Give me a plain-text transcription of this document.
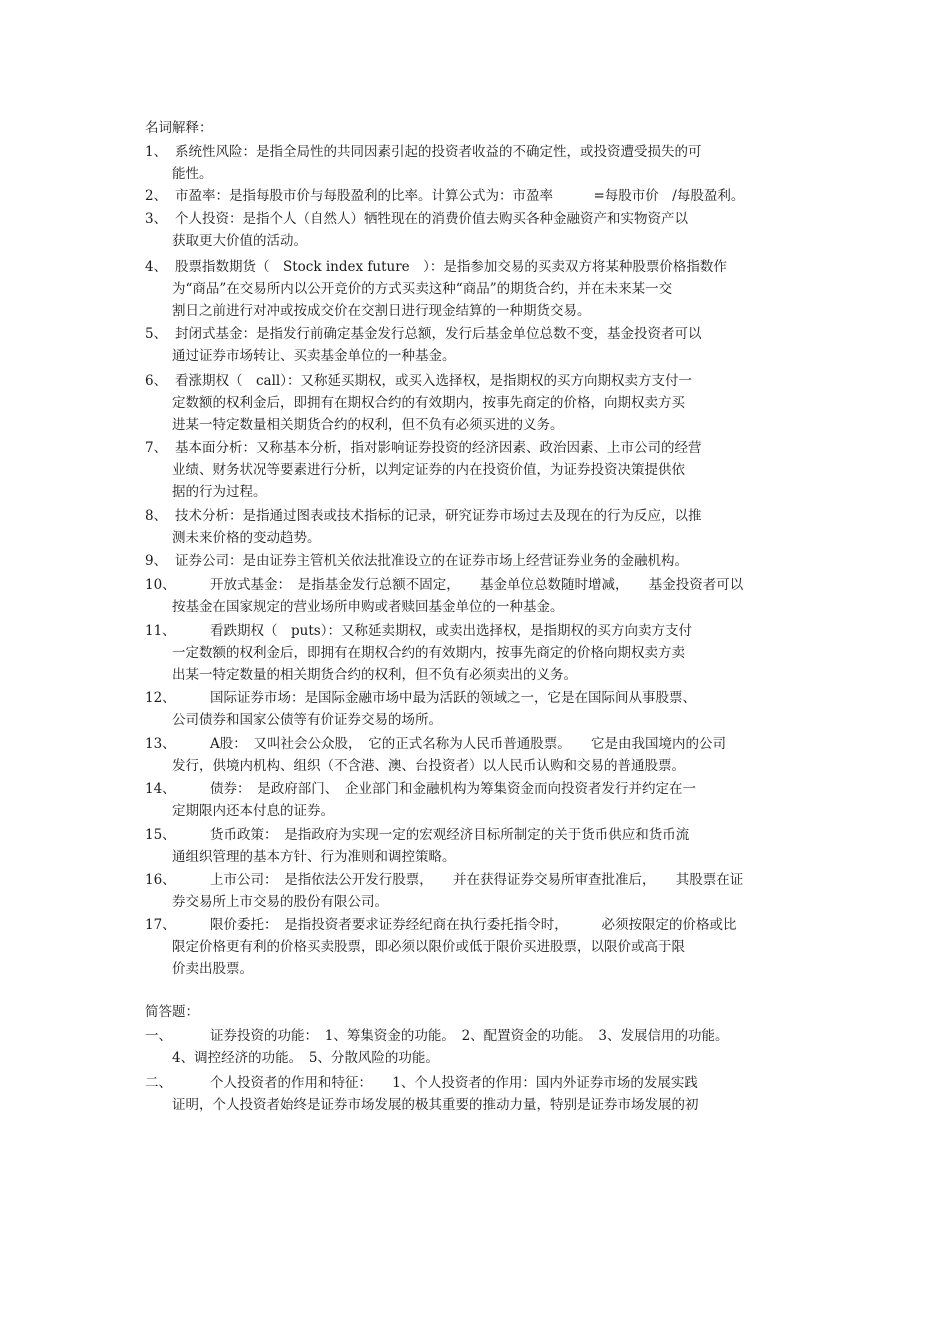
名词解释：
1、 系统性风险：是指全局性的共同因素引起的投资者收益的不确定性，或投资遭受损失的可
能性。
2、 市盈率：是指每股市价与每股盈利的比率。计算公式为：市盈率　　　=每股市价　/每股盈利。
3、 个人投资：是指个人（自然人）牺牲现在的消费价值去购买各种金融资产和实物资产以
获取更大价值的活动。
4、 股票指数期货（　Stock index future　）：是指参加交易的买卖双方将某种股票价格指数作
为“商品”在交易所内以公开竞价的方式买卖这种“商品”的期货合约，并在未来某一交
割日之前进行对冲或按成交价在交割日进行现金结算的一种期货交易。
5、 封闭式基金：是指发行前确定基金发行总额，发行后基金单位总数不变，基金投资者可以
通过证券市场转让、买卖基金单位的一种基金。
6、 看涨期权（　call）：又称延买期权，或买入选择权，是指期权的买方向期权卖方支付一
定数额的权利金后，即拥有在期权合约的有效期内，按事先商定的价格，向期权卖方买
进某一特定数量相关期货合约的权利，但不负有必须买进的义务。
7、 基本面分析：又称基本分析，指对影响证券投资的经济因素、政治因素、上市公司的经营
业绩、财务状况等要素进行分析，以判定证券的内在投资价值，为证券投资决策提供依
据的行为过程。
8、 技术分析：是指通过图表或技术指标的记录，研究证券市场过去及现在的行为反应，以推
测未来价格的变动趋势。
9、 证券公司：是由证券主管机关依法批准设立的在证券市场上经营证券业务的金融机构。
10、	开放式基金：　是指基金发行总额不固定，　　基金单位总数随时增减，　　基金投资者可以
按基金在国家规定的营业场所申购或者赎回基金单位的一种基金。
11、	看跌期权（　puts）：又称延卖期权，或卖出选择权，是指期权的买方向卖方支付
一定数额的权利金后，即拥有在期权合约的有效期内，按事先商定的价格向期权卖方卖
出某一特定数量的相关期货合约的权利，但不负有必须卖出的义务。
12、	国际证券市场：是国际金融市场中最为活跃的领域之一，它是在国际间从事股票、
公司债券和国家公债等有价证券交易的场所。
13、	A股：　又叫社会公众股，　它的正式名称为人民币普通股票。　　它是由我国境内的公司
发行，供境内机构、组织（不含港、澳、台投资者）以人民币认购和交易的普通股票。
14、	债券：　是政府部门、　企业部门和金融机构为筹集资金而向投资者发行并约定在一
定期限内还本付息的证券。
15、	货币政策：　是指政府为实现一定的宏观经济目标所制定的关于货币供应和货币流
通组织管理的基本方针、行为准则和调控策略。
16、	上市公司：　是指依法公开发行股票，　　并在获得证券交易所审查批准后，　　其股票在证
券交易所上市交易的股份有限公司。
17、	限价委托：　是指投资者要求证券经纪商在执行委托指令时，　　　必须按限定的价格或比
限定价格更有利的价格买卖股票，即必须以限价或低于限价买进股票，以限价或高于限
价卖出股票。
简答题：
一、	证券投资的功能：　1、筹集资金的功能。　2、配置资金的功能。　3、发展信用的功能。
4、调控经济的功能。　5、分散风险的功能。
二、	个人投资者的作用和特征：　　1、个人投资者的作用：国内外证券市场的发展实践
证明，个人投资者始终是证券市场发展的极其重要的推动力量，特别是证券市场发展的初
